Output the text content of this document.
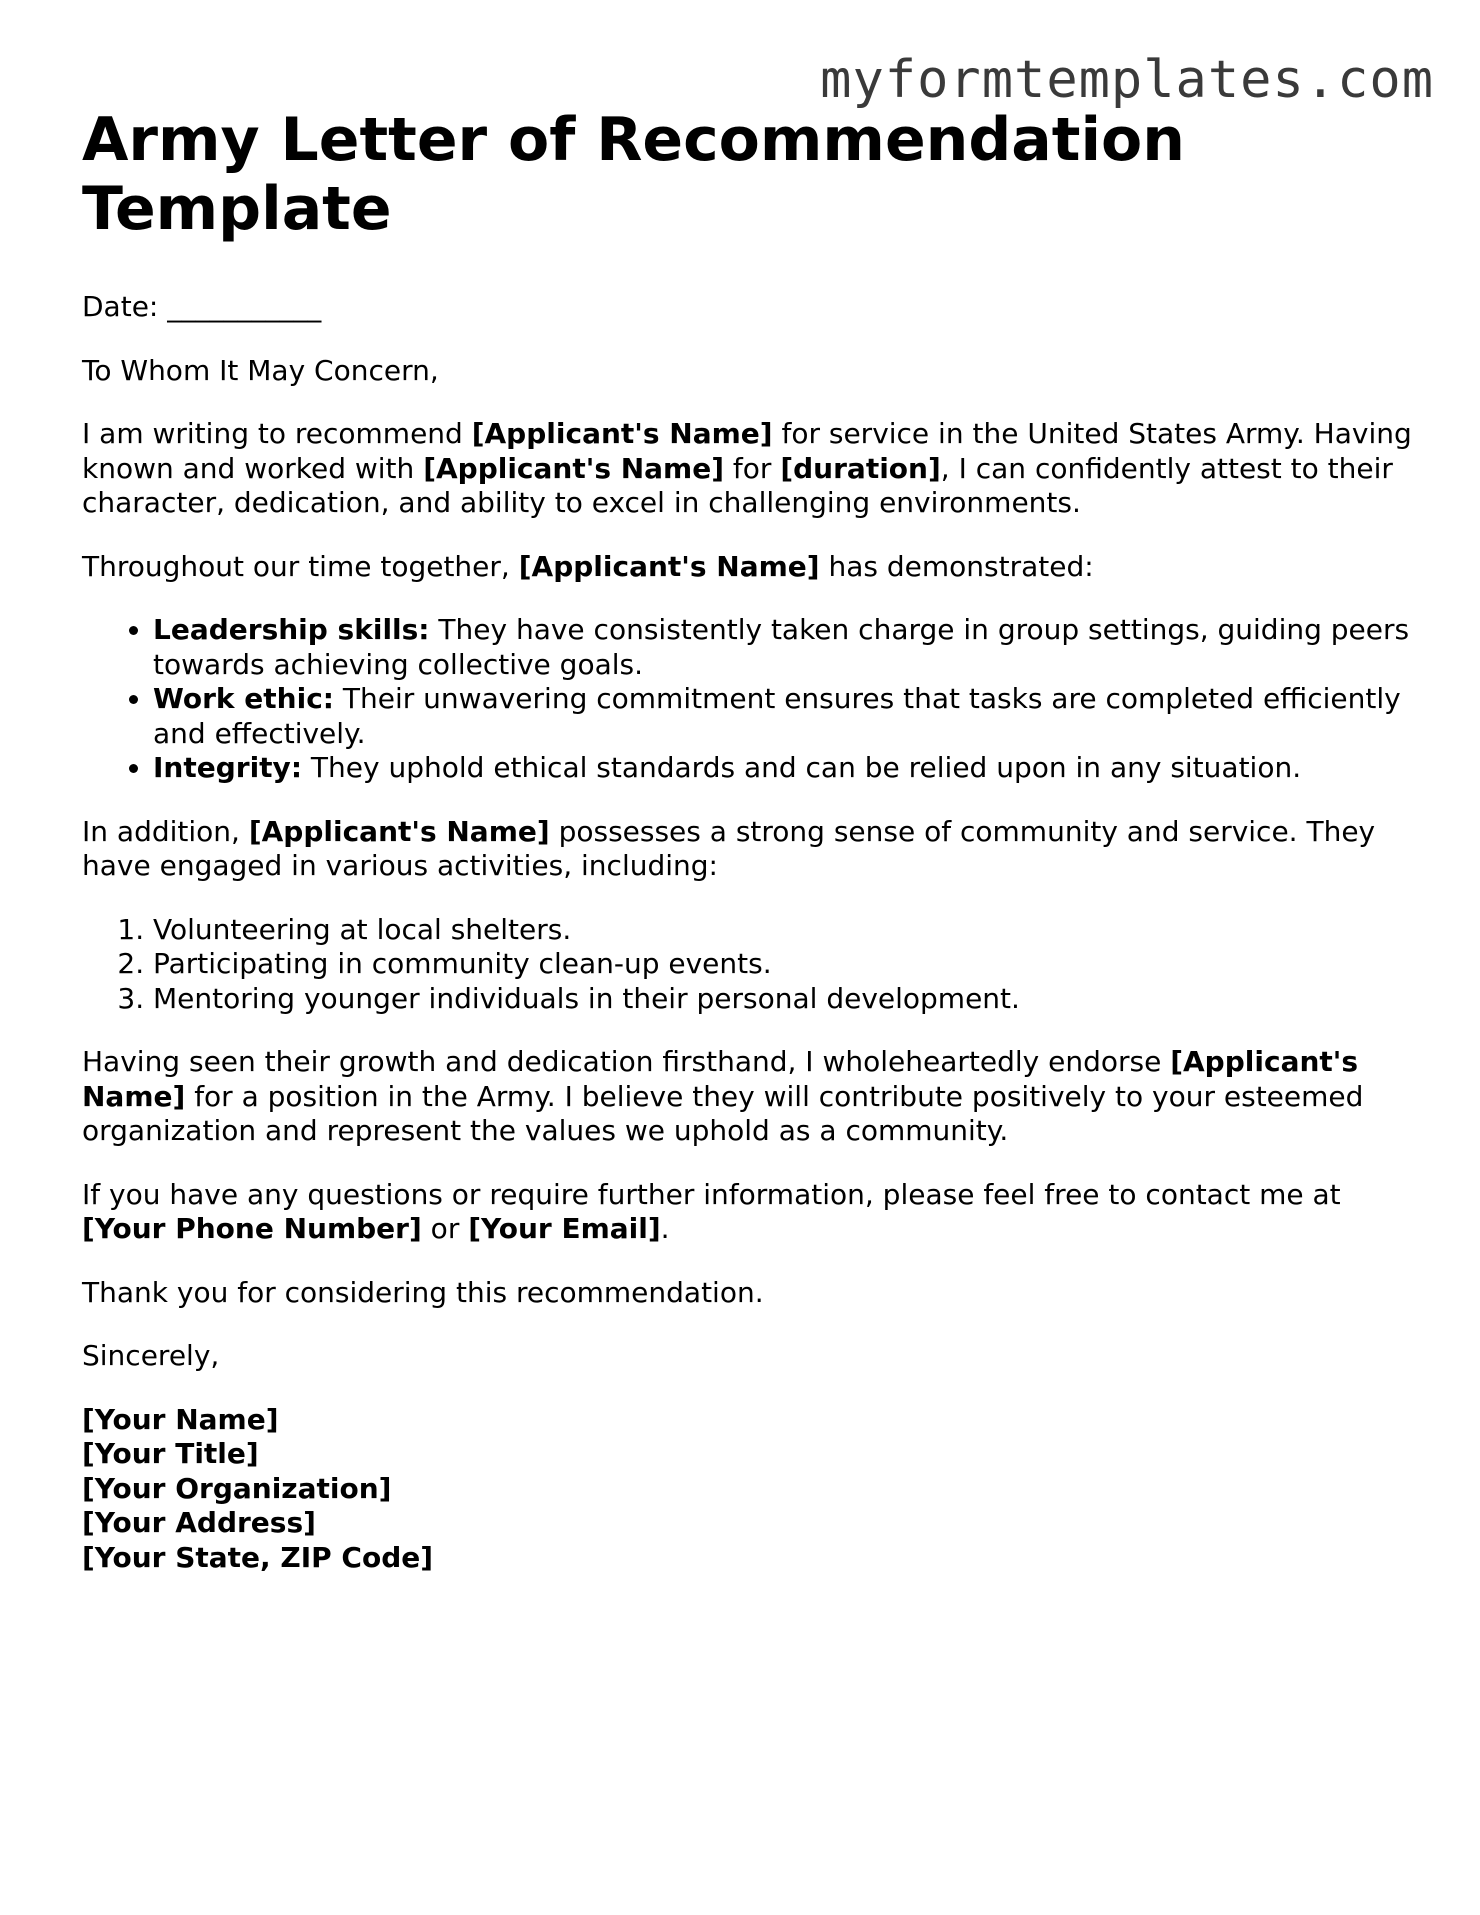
myformtemplates.com
Army Letter of Recommendation Template

Date: ___________

To Whom It May Concern,

I am writing to recommend [Applicant's Name] for service in the United States Army. Having known and worked with [Applicant's Name] for [duration], I can confidently attest to their character, dedication, and ability to excel in challenging environments.

Throughout our time together, [Applicant's Name] has demonstrated:

• Leadership skills: They have consistently taken charge in group settings, guiding peers towards achieving collective goals.
• Work ethic: Their unwavering commitment ensures that tasks are completed efficiently and effectively.
• Integrity: They uphold ethical standards and can be relied upon in any situation.

In addition, [Applicant's Name] possesses a strong sense of community and service. They have engaged in various activities, including:

1. Volunteering at local shelters.
2. Participating in community clean-up events.
3. Mentoring younger individuals in their personal development.

Having seen their growth and dedication firsthand, I wholeheartedly endorse [Applicant's Name] for a position in the Army. I believe they will contribute positively to your esteemed organization and represent the values we uphold as a community.

If you have any questions or require further information, please feel free to contact me at [Your Phone Number] or [Your Email].

Thank you for considering this recommendation.

Sincerely,

[Your Name]
[Your Title]
[Your Organization]
[Your Address]
[Your State, ZIP Code]
